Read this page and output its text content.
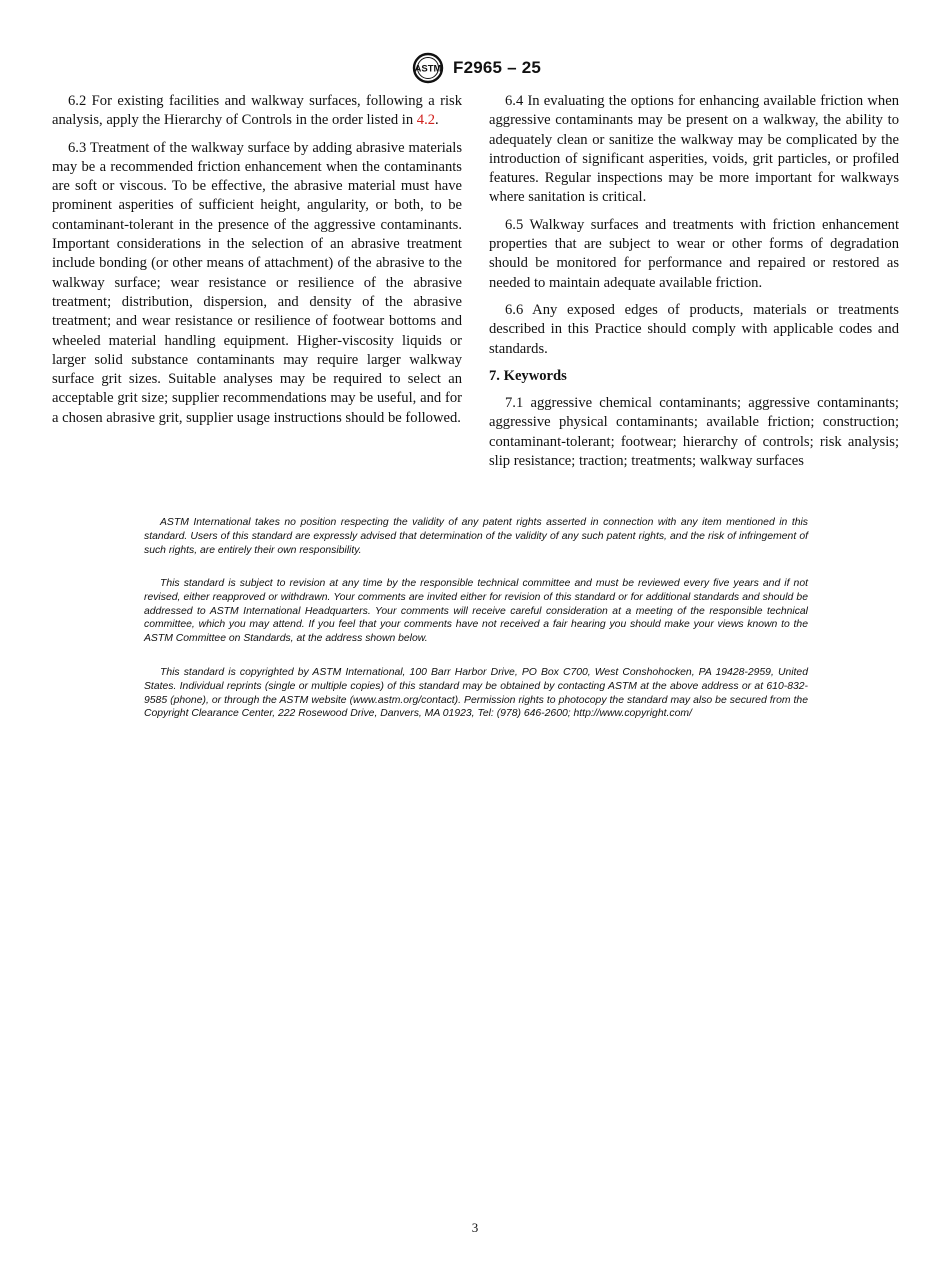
ASTM F2965 – 25

6.2 For existing facilities and walkway surfaces, following a risk analysis, apply the Hierarchy of Controls in the order listed in 4.2.

6.3 Treatment of the walkway surface by adding abrasive materials may be a recommended friction enhancement when the contaminants are soft or viscous. To be effective, the abrasive material must have prominent asperities of sufficient height, angularity, or both, to be contaminant-tolerant in the presence of the aggressive contaminants. Important considerations in the selection of an abrasive treatment include bonding (or other means of attachment) of the abrasive to the walkway surface; wear resistance or resilience of the abrasive treatment; distribution, dispersion, and density of the abrasive treatment; and wear resistance or resilience of footwear bottoms and wheeled material handling equipment. Higher-viscosity liquids or larger solid substance contaminants may require larger walkway surface grit sizes. Suitable analyses may be required to select an acceptable grit size; supplier recommendations may be useful, and for a chosen abrasive grit, supplier usage instructions should be followed.

6.4 In evaluating the options for enhancing available friction when aggressive contaminants may be present on a walkway, the ability to adequately clean or sanitize the walkway may be complicated by the introduction of significant asperities, voids, grit particles, or profiled features. Regular inspections may be more important for walkways where sanitation is critical.

6.5 Walkway surfaces and treatments with friction enhancement properties that are subject to wear or other forms of degradation should be monitored for performance and repaired or restored as needed to maintain adequate available friction.

6.6 Any exposed edges of products, materials or treatments described in this Practice should comply with applicable codes and standards.

7. Keywords

7.1 aggressive chemical contaminants; aggressive contaminants; aggressive physical contaminants; available friction; construction; contaminant-tolerant; footwear; hierarchy of controls; risk analysis; slip resistance; traction; treatments; walkway surfaces

ASTM International takes no position respecting the validity of any patent rights asserted in connection with any item mentioned in this standard. Users of this standard are expressly advised that determination of the validity of any such patent rights, and the risk of infringement of such rights, are entirely their own responsibility.

This standard is subject to revision at any time by the responsible technical committee and must be reviewed every five years and if not revised, either reapproved or withdrawn. Your comments are invited either for revision of this standard or for additional standards and should be addressed to ASTM International Headquarters. Your comments will receive careful consideration at a meeting of the responsible technical committee, which you may attend. If you feel that your comments have not received a fair hearing you should make your views known to the ASTM Committee on Standards, at the address shown below.

This standard is copyrighted by ASTM International, 100 Barr Harbor Drive, PO Box C700, West Conshohocken, PA 19428-2959, United States. Individual reprints (single or multiple copies) of this standard may be obtained by contacting ASTM at the above address or at 610-832-9585 (phone), or through the ASTM website (www.astm.org/contact). Permission rights to photocopy the standard may also be secured from the Copyright Clearance Center, 222 Rosewood Drive, Danvers, MA 01923, Tel: (978) 646-2600; http://www.copyright.com/

3
